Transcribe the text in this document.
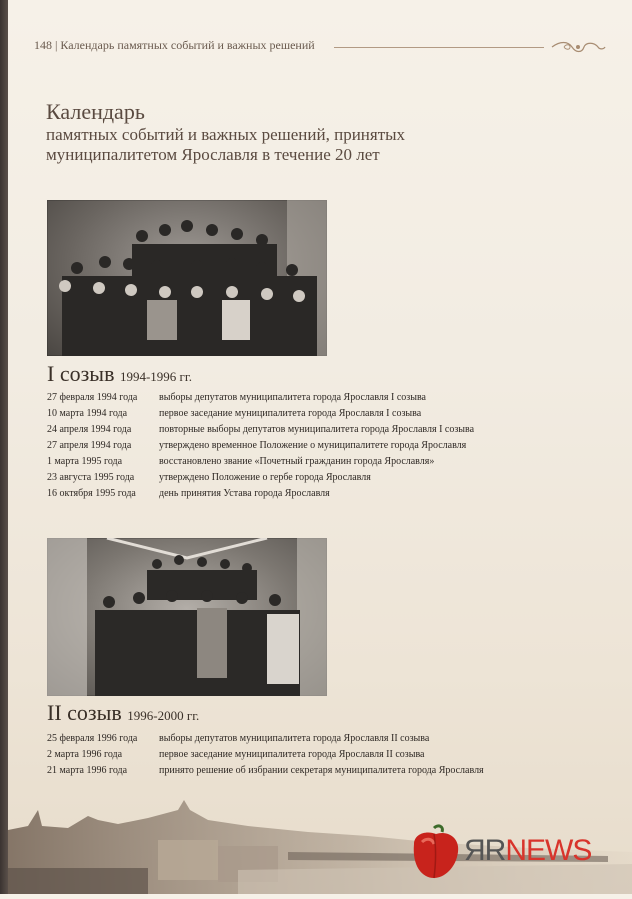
148 | Календарь памятных событий и важных решений
Календарь
памятных событий и важных решений, принятых
муниципалитетом Ярославля в течение 20 лет
I созыв 1994-1996 гг.
27 февраля 1994 года	выборы депутатов муниципалитета города Ярославля I созыва
10 марта 1994 года	первое заседание муниципалитета города Ярославля I созыва
24 апреля 1994 года	повторные выборы депутатов муниципалитета города Ярославля I созыва
27 апреля 1994 года	утверждено временное Положение о муниципалитете города Ярославля
1 марта 1995 года	восстановлено звание «Почетный гражданин города Ярославля»
23 августа 1995 года	утверждено Положение о гербе города Ярославля
16 октября 1995 года	день принятия Устава города Ярославля
II созыв 1996-2000 гг.
25 февраля 1996 года	выборы депутатов муниципалитета города Ярославля II созыва
2 марта 1996 года	первое заседание муниципалитета города Ярославля II созыва
21 марта 1996 года	принято решение об избрании секретаря муниципалитета города Ярославля
ЯRNEWS
